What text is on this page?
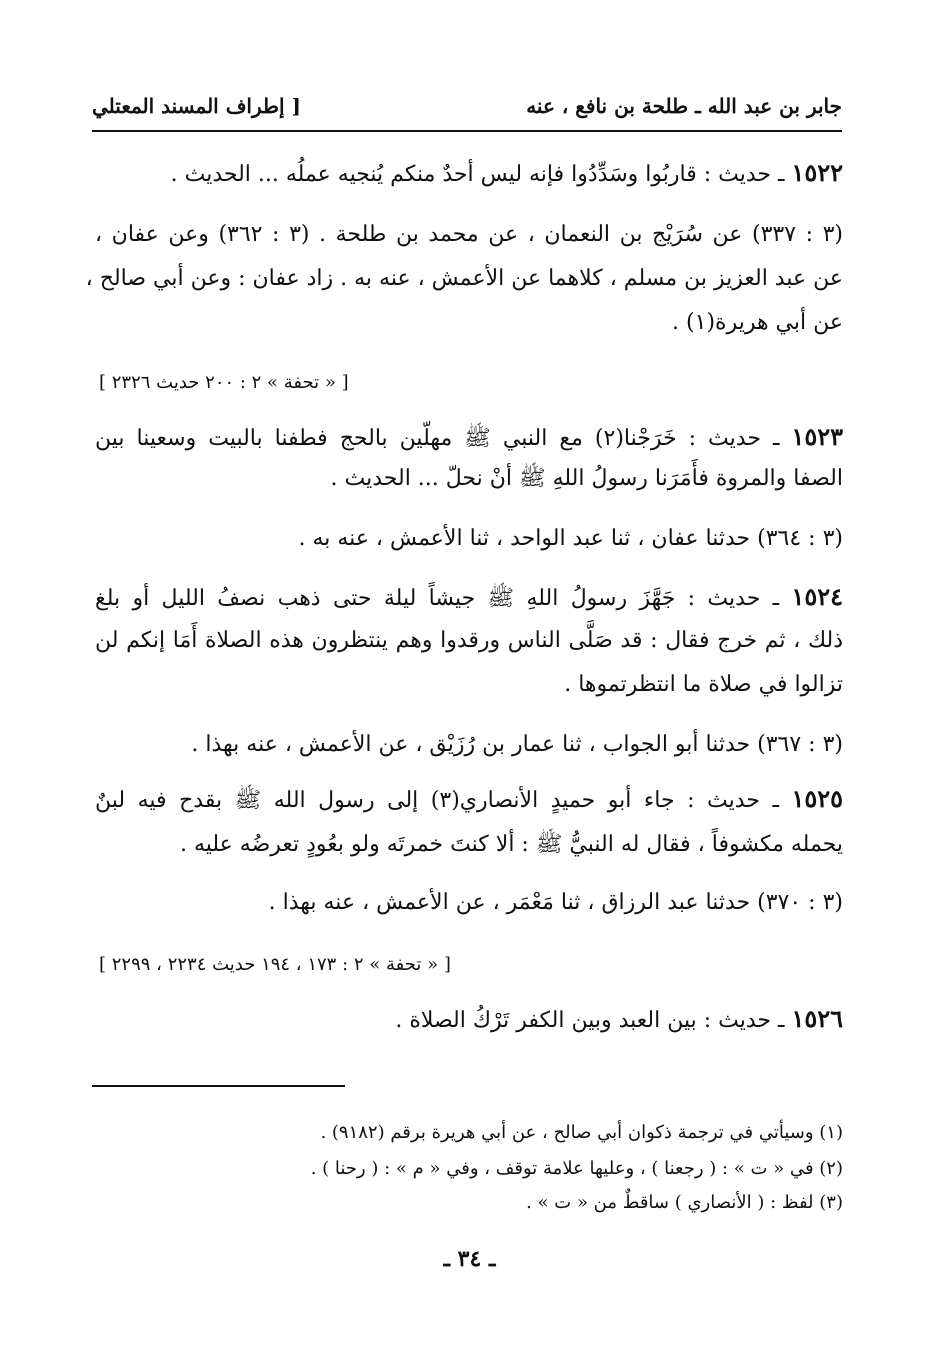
جابر بن عبد الله ـ طلحة بن نافع ، عنه
[ إطراف المسند المعتلي
١٥٢٢ ـ حديث : قاربُوا وسَدِّدُوا فإنه ليس أحدٌ منكم يُنجيه عملُه ... الحديث .
(٣ : ٣٣٧) عن سُرَيْج بن النعمان ، عن محمد بن طلحة . (٣ : ٣٦٢) وعن عفان ،
عن عبد العزيز بن مسلم ، كلاهما عن الأعمش ، عنه به . زاد عفان : وعن أبي صالح ،
عن أبي هريرة(١) .
[ « تحفة » ٢ : ٢٠٠ حديث ٢٣٢٦ ]
١٥٢٣ ـ حديث : خَرَجْنا(٢) مع النبي ﷺ مهلّين بالحج فطفنا بالبيت وسعينا بين
الصفا والمروة فأَمَرَنا رسولُ اللهِ ﷺ أنْ نحلّ ... الحديث .
(٣ : ٣٦٤) حدثنا عفان ، ثنا عبد الواحد ، ثنا الأعمش ، عنه به .
١٥٢٤ ـ حديث : جَهَّزَ رسولُ اللهِ ﷺ جيشاً ليلة حتى ذهب نصفُ الليل أو بلغ
ذلك ، ثم خرج فقال : قد صَلَّى الناس ورقدوا وهم ينتظرون هذه الصلاة أَمَا إنكم لن
تزالوا في صلاة ما انتظرتموها .
(٣ : ٣٦٧) حدثنا أبو الجواب ، ثنا عمار بن رُزَيْق ، عن الأعمش ، عنه بهذا .
١٥٢٥ ـ حديث : جاء أبو حميدٍ الأنصاري(٣) إلى رسول الله ﷺ بقدح فيه لبنٌ
يحمله مكشوفاً ، فقال له النبيُّ ﷺ : ألا كنتَ خمرتَه ولو بعُودٍ تعرضُه عليه .
(٣ : ٣٧٠) حدثنا عبد الرزاق ، ثنا مَعْمَر ، عن الأعمش ، عنه بهذا .
[ « تحفة » ٢ : ١٧٣ ، ١٩٤ حديث ٢٢٣٤ ، ٢٢٩٩ ]
١٥٢٦ ـ حديث : بين العبد وبين الكفر تَرْكُ الصلاة .
(١) وسيأتي في ترجمة ذكوان أبي صالح ، عن أبي هريرة برقم (٩١٨٢) .
(٢) في « ت » : ( رجعنا ) ، وعليها علامة توقف ، وفي « م » : ( رحنا ) .
(٣) لفظ : ( الأنصاري ) ساقطٌ من « ت » .
ـ ٣٤ ـ
